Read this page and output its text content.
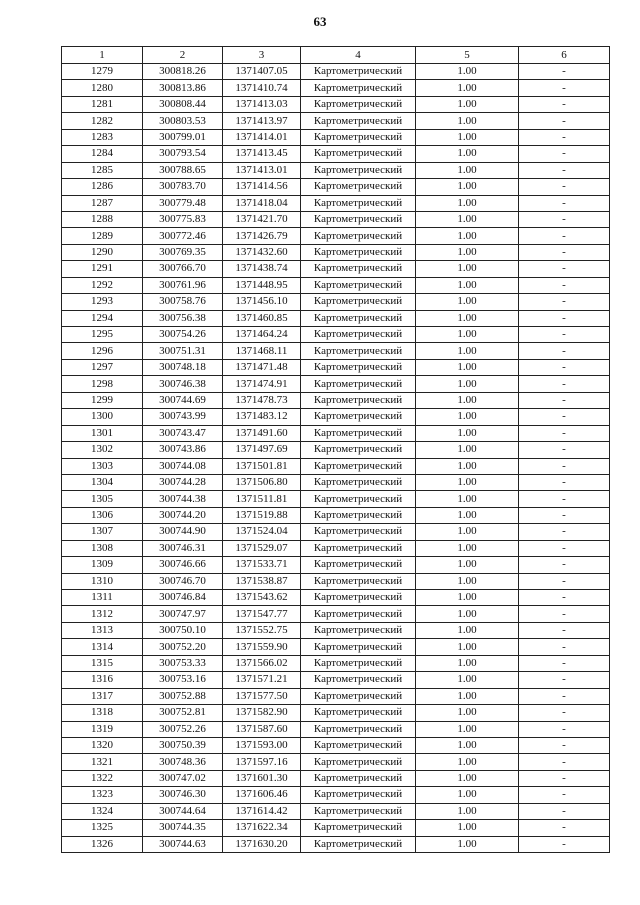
63
1	2	3	4	5	6
1279	300818.26	1371407.05	Картометрический	1.00	-
1280	300813.86	1371410.74	Картометрический	1.00	-
1281	300808.44	1371413.03	Картометрический	1.00	-
1282	300803.53	1371413.97	Картометрический	1.00	-
1283	300799.01	1371414.01	Картометрический	1.00	-
1284	300793.54	1371413.45	Картометрический	1.00	-
1285	300788.65	1371413.01	Картометрический	1.00	-
1286	300783.70	1371414.56	Картометрический	1.00	-
1287	300779.48	1371418.04	Картометрический	1.00	-
1288	300775.83	1371421.70	Картометрический	1.00	-
1289	300772.46	1371426.79	Картометрический	1.00	-
1290	300769.35	1371432.60	Картометрический	1.00	-
1291	300766.70	1371438.74	Картометрический	1.00	-
1292	300761.96	1371448.95	Картометрический	1.00	-
1293	300758.76	1371456.10	Картометрический	1.00	-
1294	300756.38	1371460.85	Картометрический	1.00	-
1295	300754.26	1371464.24	Картометрический	1.00	-
1296	300751.31	1371468.11	Картометрический	1.00	-
1297	300748.18	1371471.48	Картометрический	1.00	-
1298	300746.38	1371474.91	Картометрический	1.00	-
1299	300744.69	1371478.73	Картометрический	1.00	-
1300	300743.99	1371483.12	Картометрический	1.00	-
1301	300743.47	1371491.60	Картометрический	1.00	-
1302	300743.86	1371497.69	Картометрический	1.00	-
1303	300744.08	1371501.81	Картометрический	1.00	-
1304	300744.28	1371506.80	Картометрический	1.00	-
1305	300744.38	1371511.81	Картометрический	1.00	-
1306	300744.20	1371519.88	Картометрический	1.00	-
1307	300744.90	1371524.04	Картометрический	1.00	-
1308	300746.31	1371529.07	Картометрический	1.00	-
1309	300746.66	1371533.71	Картометрический	1.00	-
1310	300746.70	1371538.87	Картометрический	1.00	-
1311	300746.84	1371543.62	Картометрический	1.00	-
1312	300747.97	1371547.77	Картометрический	1.00	-
1313	300750.10	1371552.75	Картометрический	1.00	-
1314	300752.20	1371559.90	Картометрический	1.00	-
1315	300753.33	1371566.02	Картометрический	1.00	-
1316	300753.16	1371571.21	Картометрический	1.00	-
1317	300752.88	1371577.50	Картометрический	1.00	-
1318	300752.81	1371582.90	Картометрический	1.00	-
1319	300752.26	1371587.60	Картометрический	1.00	-
1320	300750.39	1371593.00	Картометрический	1.00	-
1321	300748.36	1371597.16	Картометрический	1.00	-
1322	300747.02	1371601.30	Картометрический	1.00	-
1323	300746.30	1371606.46	Картометрический	1.00	-
1324	300744.64	1371614.42	Картометрический	1.00	-
1325	300744.35	1371622.34	Картометрический	1.00	-
1326	300744.63	1371630.20	Картометрический	1.00	-
